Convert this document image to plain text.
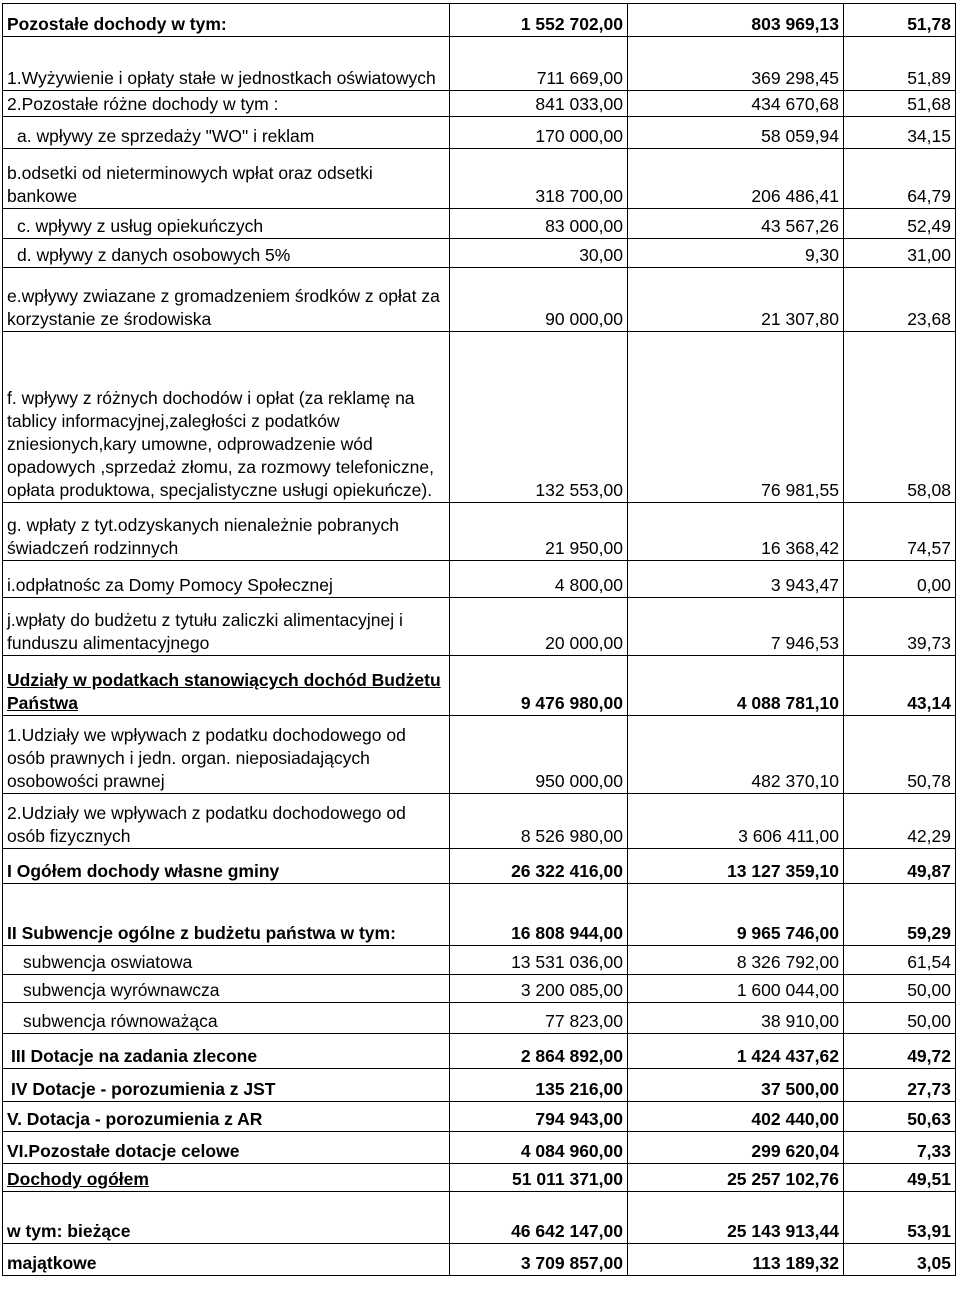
Pozostałe dochody w tym:	1 552 702,00	803 969,13	51,78
1.Wyżywienie i opłaty stałe w jednostkach oświatowych	711 669,00	369 298,45	51,89
2.Pozostałe różne dochody w tym :	841 033,00	434 670,68	51,68
a. wpływy ze sprzedaży "WO" i reklam	170 000,00	58 059,94	34,15
b.odsetki od nieterminowych wpłat oraz odsetki bankowe	318 700,00	206 486,41	64,79
c. wpływy z usług opiekuńczych	83 000,00	43 567,26	52,49
d. wpływy z danych osobowych 5%	30,00	9,30	31,00
e.wpływy zwiazane z gromadzeniem środków z opłat za korzystanie ze środowiska	90 000,00	21 307,80	23,68
f. wpływy z różnych dochodów i opłat (za reklamę na tablicy informacyjnej,zaległości z podatków zniesionych,kary umowne, odprowadzenie wód opadowych ,sprzedaż złomu, za rozmowy telefoniczne, opłata produktowa, specjalistyczne usługi opiekuńcze).	132 553,00	76 981,55	58,08
g. wpłaty z tyt.odzyskanych nienależnie pobranych świadczeń rodzinnych	21 950,00	16 368,42	74,57
i.odpłatnośc za Domy Pomocy Społecznej	4 800,00	3 943,47	0,00
j.wpłaty do budżetu z tytułu zaliczki alimentacyjnej i funduszu alimentacyjnego	20 000,00	7 946,53	39,73
Udziały w podatkach stanowiących dochód Budżetu Państwa	9 476 980,00	4 088 781,10	43,14
1.Udziały we wpływach z podatku dochodowego od osób prawnych i jedn. organ. nieposiadających osobowości prawnej	950 000,00	482 370,10	50,78
2.Udziały we wpływach z podatku dochodowego od osób fizycznych	8 526 980,00	3 606 411,00	42,29
I Ogółem dochody własne gminy	26 322 416,00	13 127 359,10	49,87
II Subwencje ogólne z budżetu państwa w tym:	16 808 944,00	9 965 746,00	59,29
subwencja oswiatowa	13 531 036,00	8 326 792,00	61,54
subwencja wyrównawcza	3 200 085,00	1 600 044,00	50,00
subwencja równoważąca	77 823,00	38 910,00	50,00
III Dotacje na zadania zlecone	2 864 892,00	1 424 437,62	49,72
IV Dotacje - porozumienia z JST	135 216,00	37 500,00	27,73
V. Dotacja - porozumienia z AR	794 943,00	402 440,00	50,63
VI.Pozostałe dotacje celowe	4 084 960,00	299 620,04	7,33
Dochody ogółem	51 011 371,00	25 257 102,76	49,51
w tym: bieżące	46 642 147,00	25 143 913,44	53,91
majątkowe	3 709 857,00	113 189,32	3,05
